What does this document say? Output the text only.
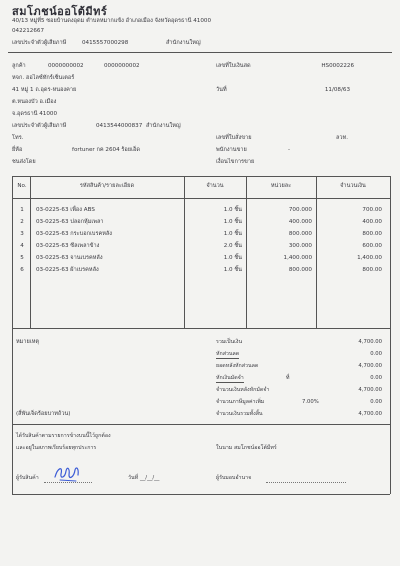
สมโภชน์ออโต้มีทร์
40/13 หมู่ที่5 ซอยบ้านดงอุดม ตำบลหมากแข้ง อำเภอเมือง จังหวัดอุดรธานี 41000
042212667
เลขประจำตัวผู้เสียภาษี	0415557000298	สำนักงานใหญ่
ลูกค้า	0000000002	0000000002
หจก. ฮอไลซ์ทักร์เซ็นเตอร์
41 หมู่ 1 ถ.อุดร-หนองคาย
ต.หนองบัว อ.เมือง
จ.อุดรธานี 41000
เลขประจำตัวผู้เสียภาษี	0413544000837 สำนักงานใหญ่
โทร.
ยี่ห้อ	fortuner กค 2604 ร้อยเอ็ด
ชนส่งโดย
เลขที่ใบเงินสด	HS0002226
วันที่	11/08/63
เลขที่ใบสั่งขาย	ลวท.
พนักงานขาย	-
เงื่อนไขการขาย
No.	รหัสสินค้า/รายละเอียด	จำนวน	หน่วยละ	จำนวนเงิน
1	03-0225-63 เพื่อง ABS	1.0 ชิ้น	700.000	700.00
2	03-0225-63 ปลอกหุ้มเพลา	1.0 ชิ้น	400.000	400.00
3	03-0225-63 กระบอกเบรคหลัง	1.0 ชิ้น	800.000	800.00
4	03-0225-63 ซีลเพลาข้าง	2.0 ชิ้น	300.000	600.00
5	03-0225-63 จานเบรคหลัง	1.0 ชิ้น	1,400.000	1,400.00
6	03-0225-63 ผ้าเบรคหลัง	1.0 ชิ้น	800.000	800.00
หมายเหตุ	รวมเป็นเงิน	4,700.00
หักส่วนลด	0.00
ยอดหลังหักส่วนลด	4,700.00
หักเงินมัดจำ	ที่	0.00
จำนวนเงินหลังหักมัดจำ	4,700.00
จำนวนภาษีมูลค่าเพิ่ม	7.00%	0.00
(สี่พันเจ็ดร้อยบาทถ้วน)	จำนวนเงินรวมทั้งสิ้น	4,700.00
ได้รับสินค้าตามรายการข้างบนนี้ไว้ถูกต้อง
และอยู่ในสภาพเรียบร้อยทุกประการ	ในนาม สมโภชน์ออโต้มีทร์
ผู้รับสินค้า	วันที่ __/__/__	ผู้รับมอบอำนาจ
